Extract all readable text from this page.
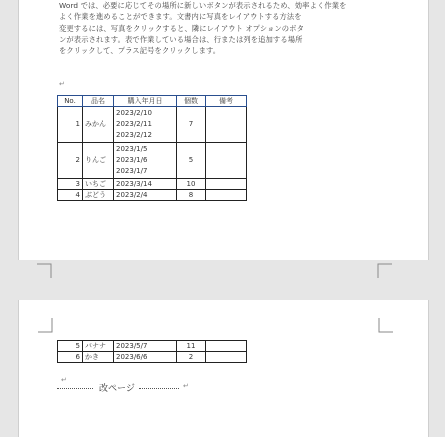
Word では、必要に応じてその場所に新しいボタンが表示されるため、効率よく作業を
よく作業を進めることができます。文書内に写真をレイアウトする方法を
変更するには、写真をクリックすると、隣にレイアウト オプションのボタ
ンが表示されます。表で作業している場合は、行または列を追加する場所
をクリックして、プラス記号をクリックします。
↵
No.	品名	購入年月日	個数	備考
1	みかん	2023/2/10
2023/2/11
2023/2/12	7	
2	りんご	2023/1/5
2023/1/6
2023/1/7	5	
3	いちご	2023/3/14	10	
4	ぶどう	2023/2/4	8	
5	バナナ	2023/5/7	11	
6	かき	2023/6/6	2	
↵
改ページ	↵
